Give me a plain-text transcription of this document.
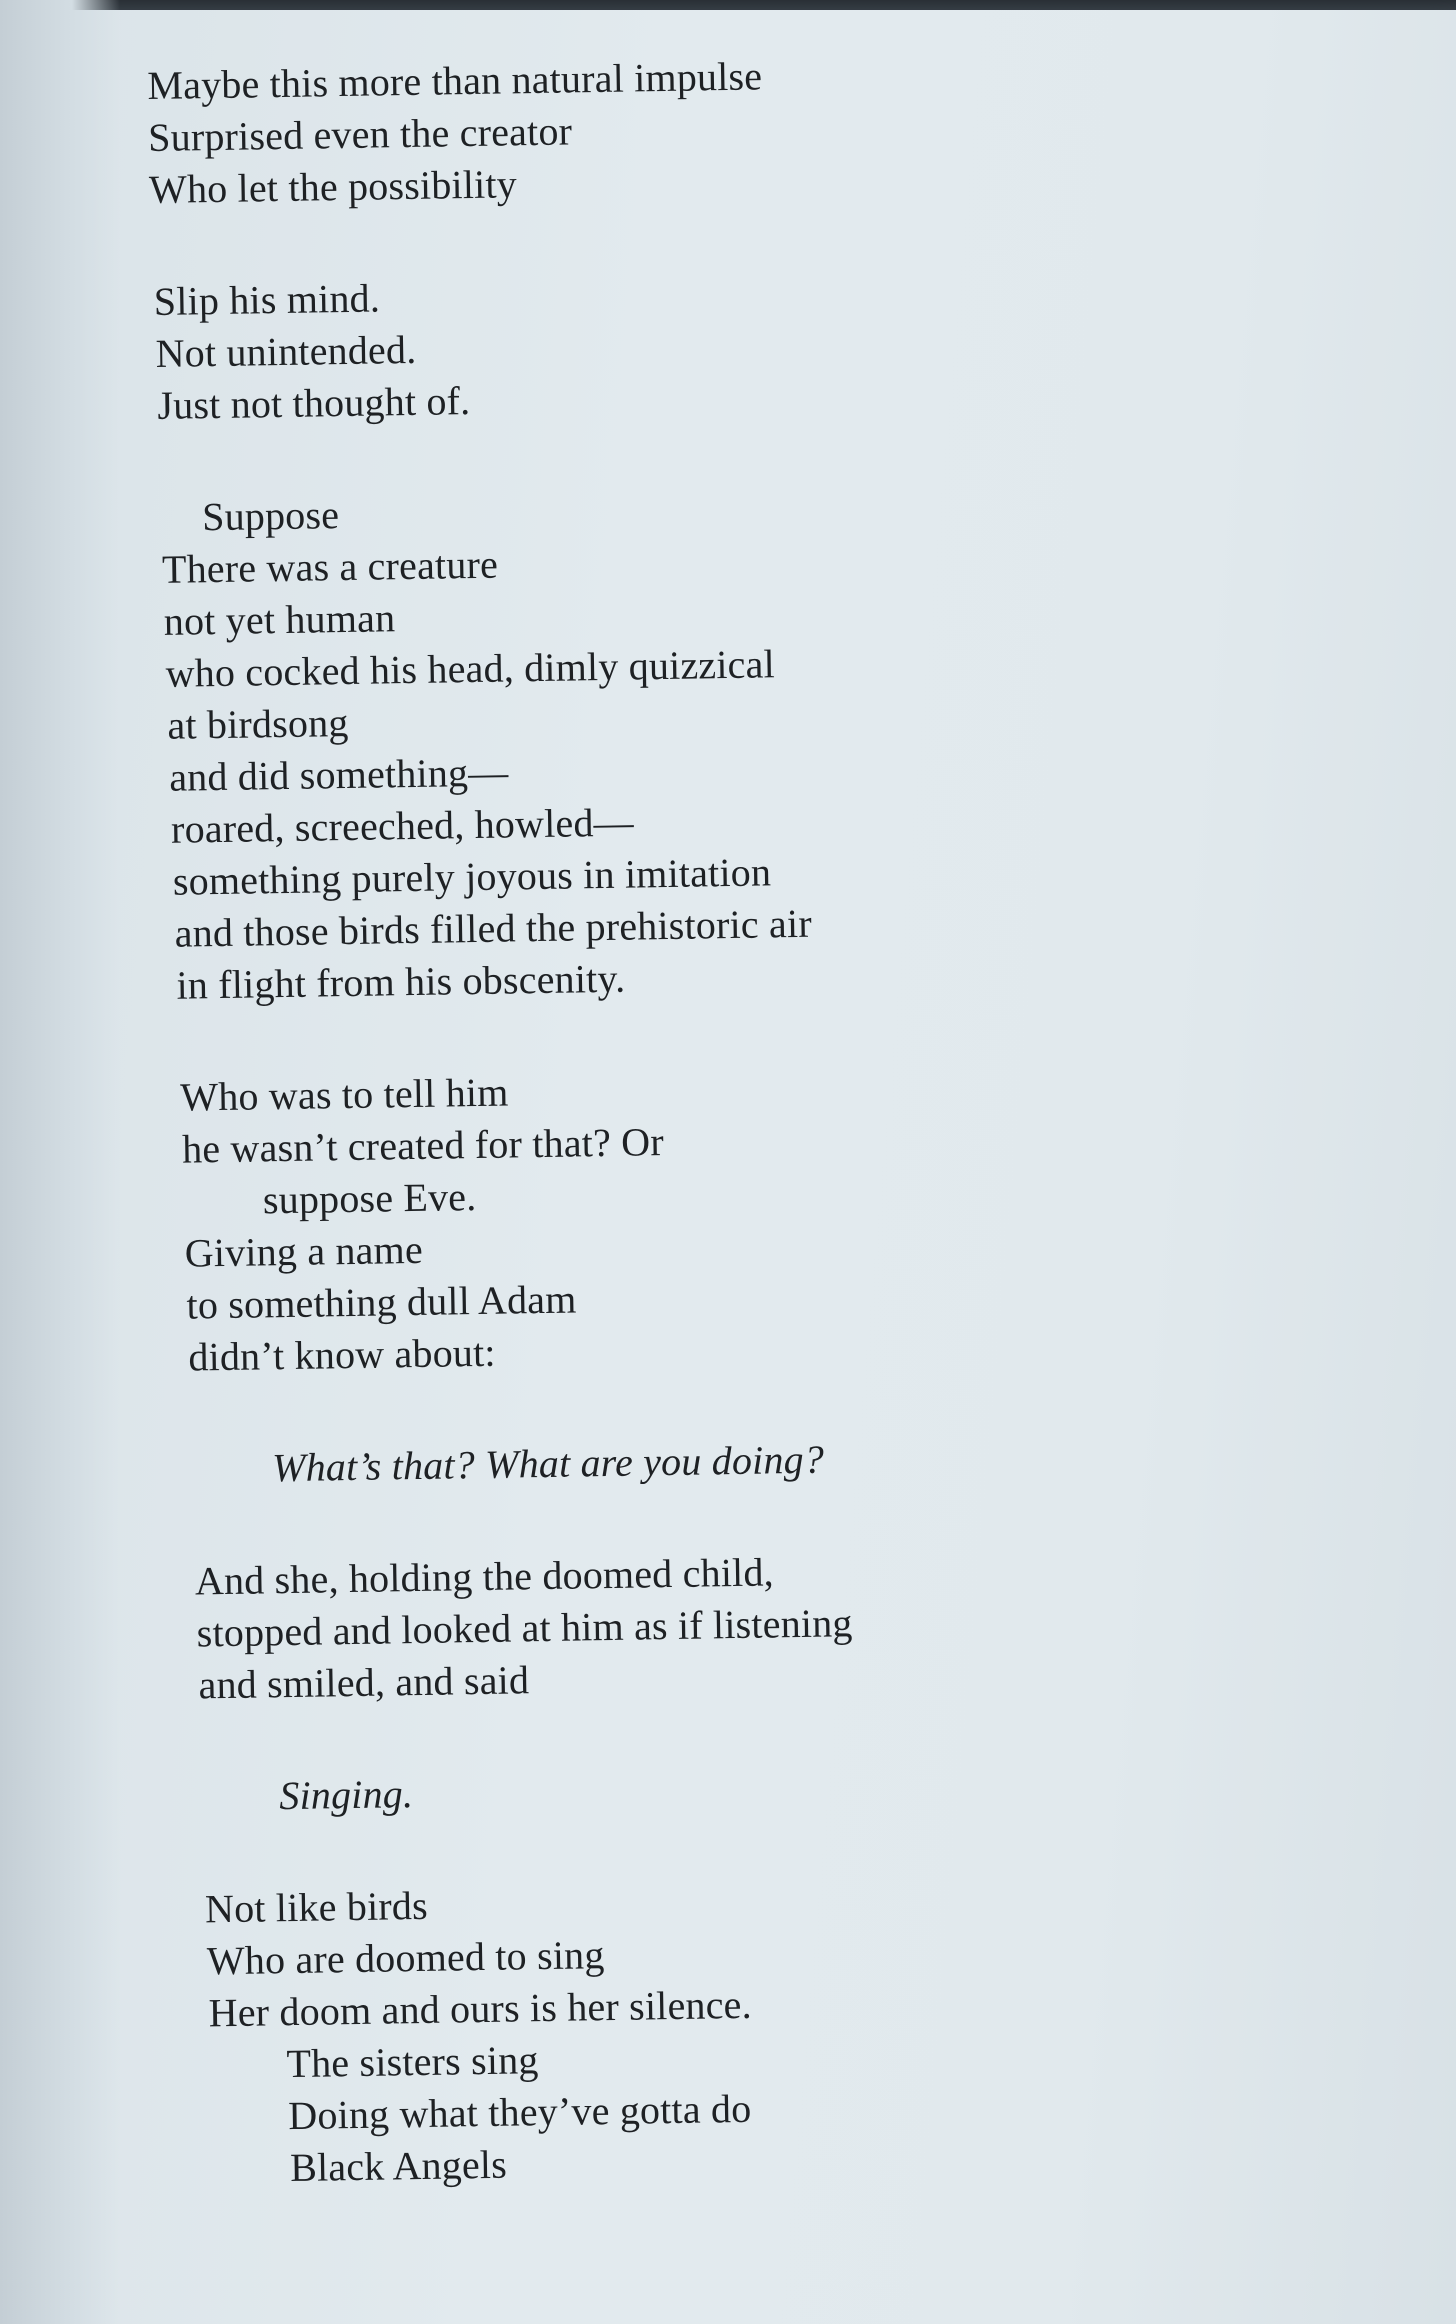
Maybe this more than natural impulse
Surprised even the creator
Who let the possibility
Slip his mind.
Not unintended.
Just not thought of.
Suppose
There was a creature
not yet human
who cocked his head, dimly quizzical
at birdsong
and did something—
roared, screeched, howled—
something purely joyous in imitation
and those birds filled the prehistoric air
in flight from his obscenity.
Who was to tell him
he wasn’t created for that? Or
suppose Eve.
Giving a name
to something dull Adam
didn’t know about:
What’s that? What are you doing?
And she, holding the doomed child,
stopped and looked at him as if listening
and smiled, and said
Singing.
Not like birds
Who are doomed to sing
Her doom and ours is her silence.
The sisters sing
Doing what they’ve gotta do
Black Angels
